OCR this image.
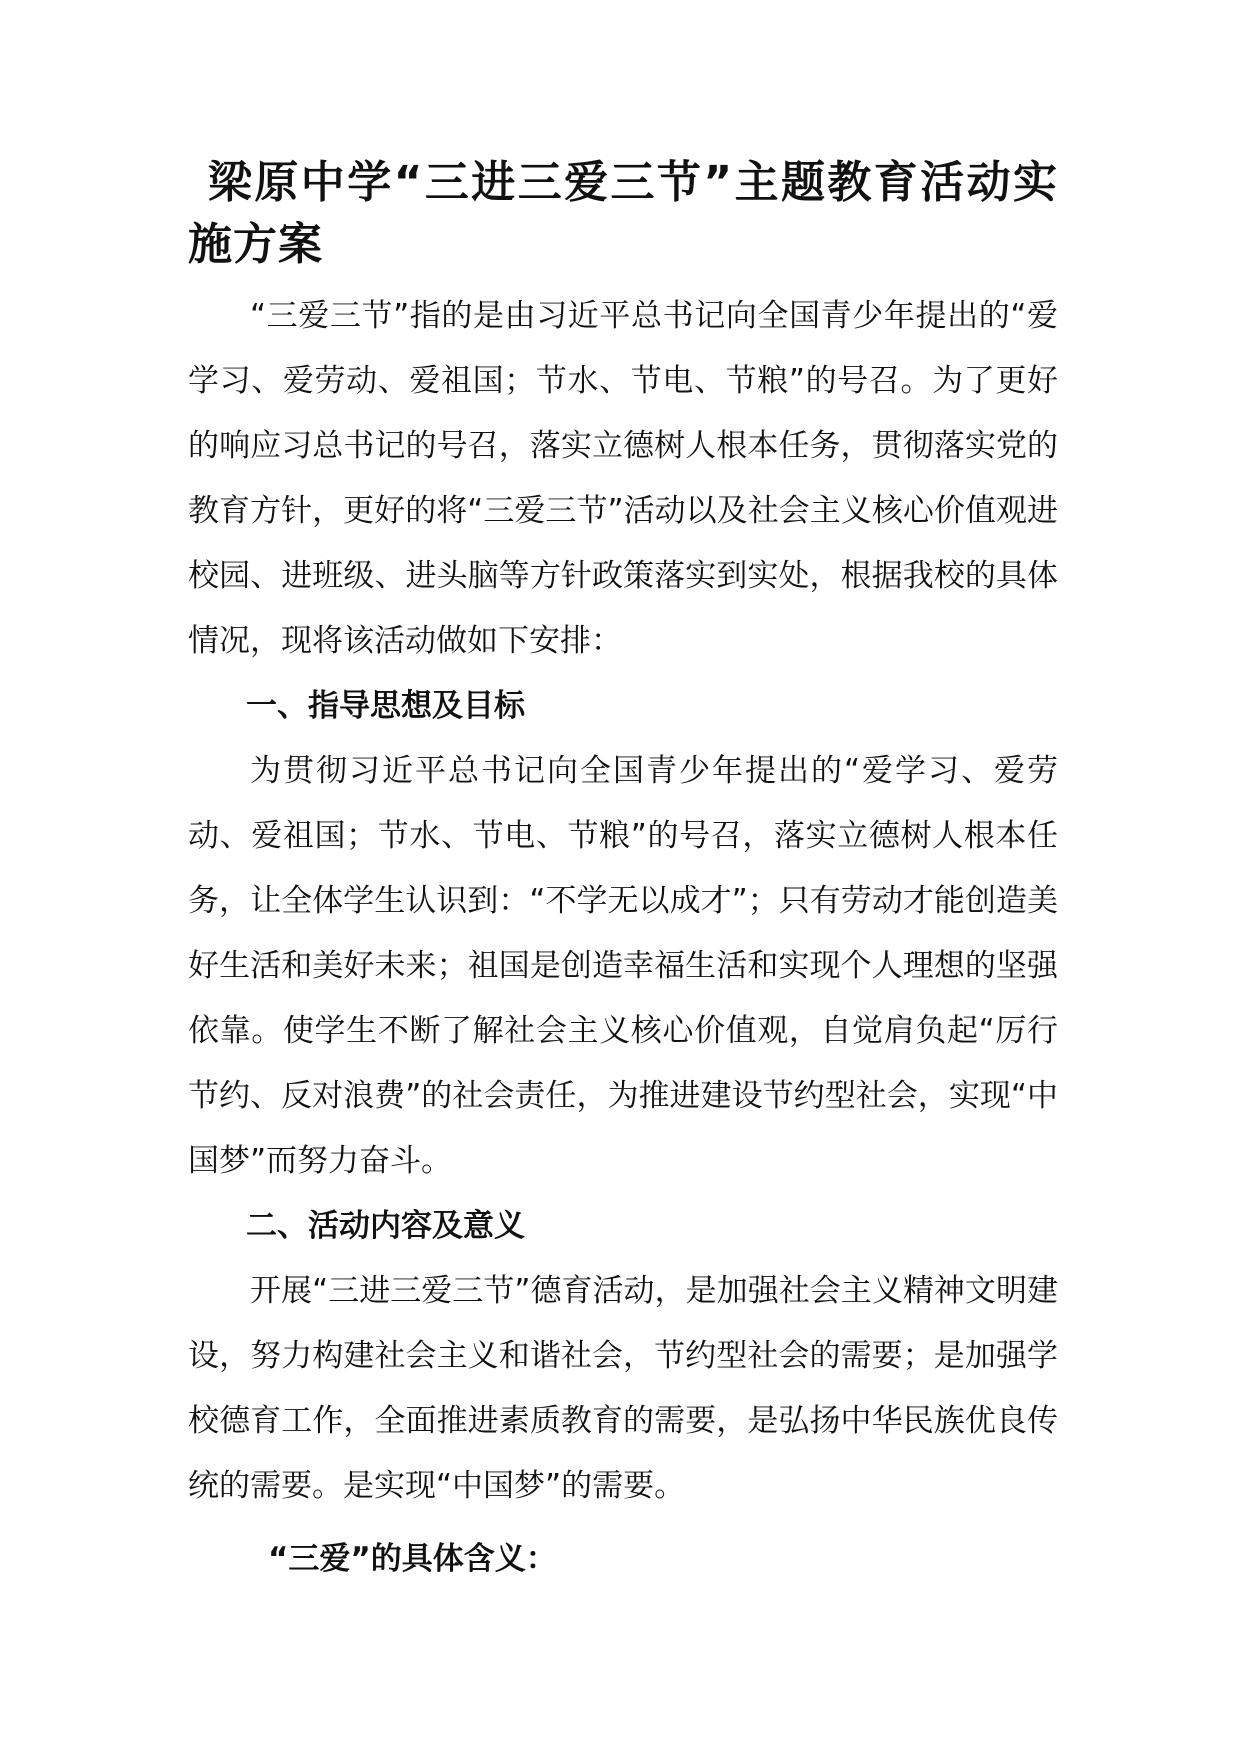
梁原中学“三进三爱三节”主题教育活动实施方案

“三爱三节”指的是由习近平总书记向全国青少年提出的“爱学习、爱劳动、爱祖国；节水、节电、节粮”的号召。为了更好的响应习总书记的号召，落实立德树人根本任务，贯彻落实党的教育方针，更好的将“三爱三节”活动以及社会主义核心价值观进校园、进班级、进头脑等方针政策落实到实处，根据我校的具体情况，现将该活动做如下安排：

一、指导思想及目标

为贯彻习近平总书记向全国青少年提出的“爱学习、爱劳动、爱祖国；节水、节电、节粮”的号召，落实立德树人根本任务，让全体学生认识到：“不学无以成才”；只有劳动才能创造美好生活和美好未来；祖国是创造幸福生活和实现个人理想的坚强依靠。使学生不断了解社会主义核心价值观，自觉肩负起“厉行节约、反对浪费”的社会责任，为推进建设节约型社会，实现“中国梦”而努力奋斗。

二、活动内容及意义

开展“三进三爱三节”德育活动，是加强社会主义精神文明建设，努力构建社会主义和谐社会，节约型社会的需要；是加强学校德育工作，全面推进素质教育的需要，是弘扬中华民族优良传统的需要。是实现“中国梦”的需要。

“三爱”的具体含义：
